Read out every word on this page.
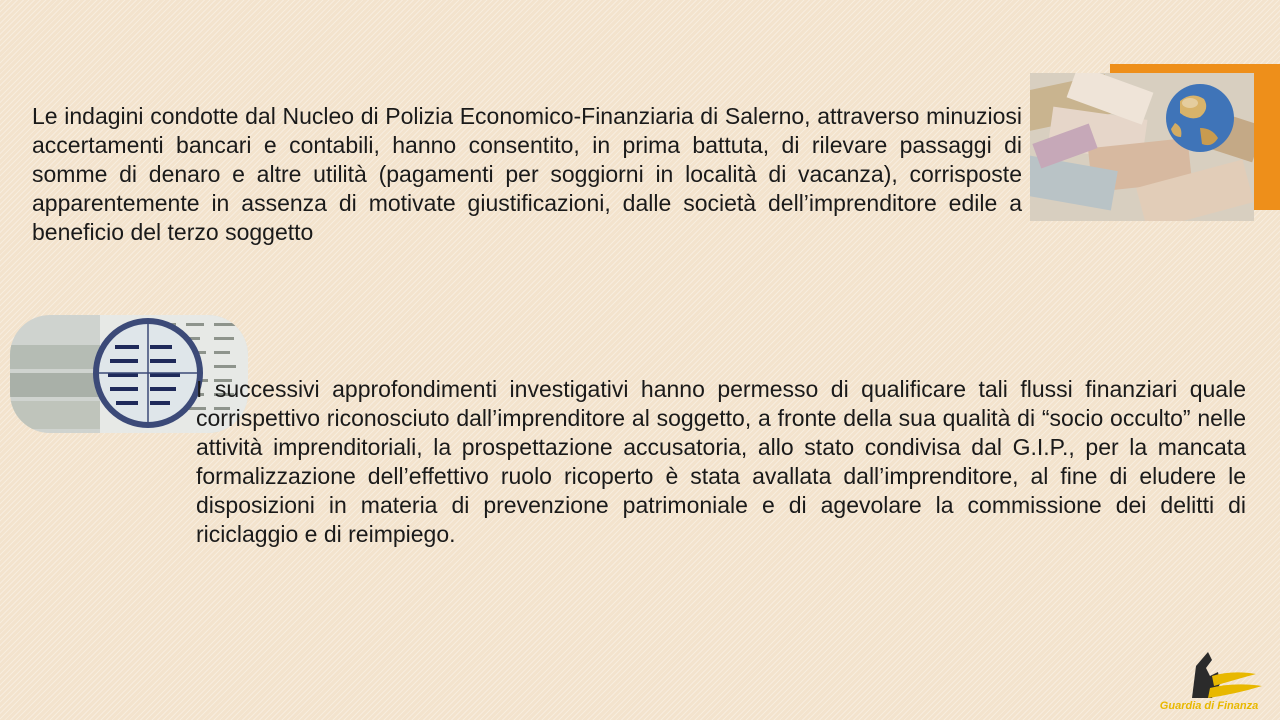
Le indagini condotte dal Nucleo di Polizia Economico-Finanziaria di Salerno, attraverso minuziosi accertamenti bancari e contabili, hanno consentito, in prima battuta, di rilevare passaggi di somme di denaro e altre utilità (pagamenti per soggiorni in località di vacanza), corrisposte apparentemente in assenza di motivate giustificazioni, dalle società dell’imprenditore edile a beneficio del terzo soggetto

I successivi approfondimenti investigativi hanno permesso di qualificare tali flussi finanziari quale corrispettivo riconosciuto dall’imprenditore al soggetto, a fronte della sua qualità di “socio occulto” nelle attività imprenditoriali, la prospettazione accusatoria, allo stato condivisa dal G.I.P., per la mancata formalizzazione dell’effettivo ruolo ricoperto è stata avallata dall’imprenditore, al fine di eludere le disposizioni in materia di prevenzione patrimoniale e di agevolare la commissione dei delitti di riciclaggio e di reimpiego.

Guardia di Finanza
